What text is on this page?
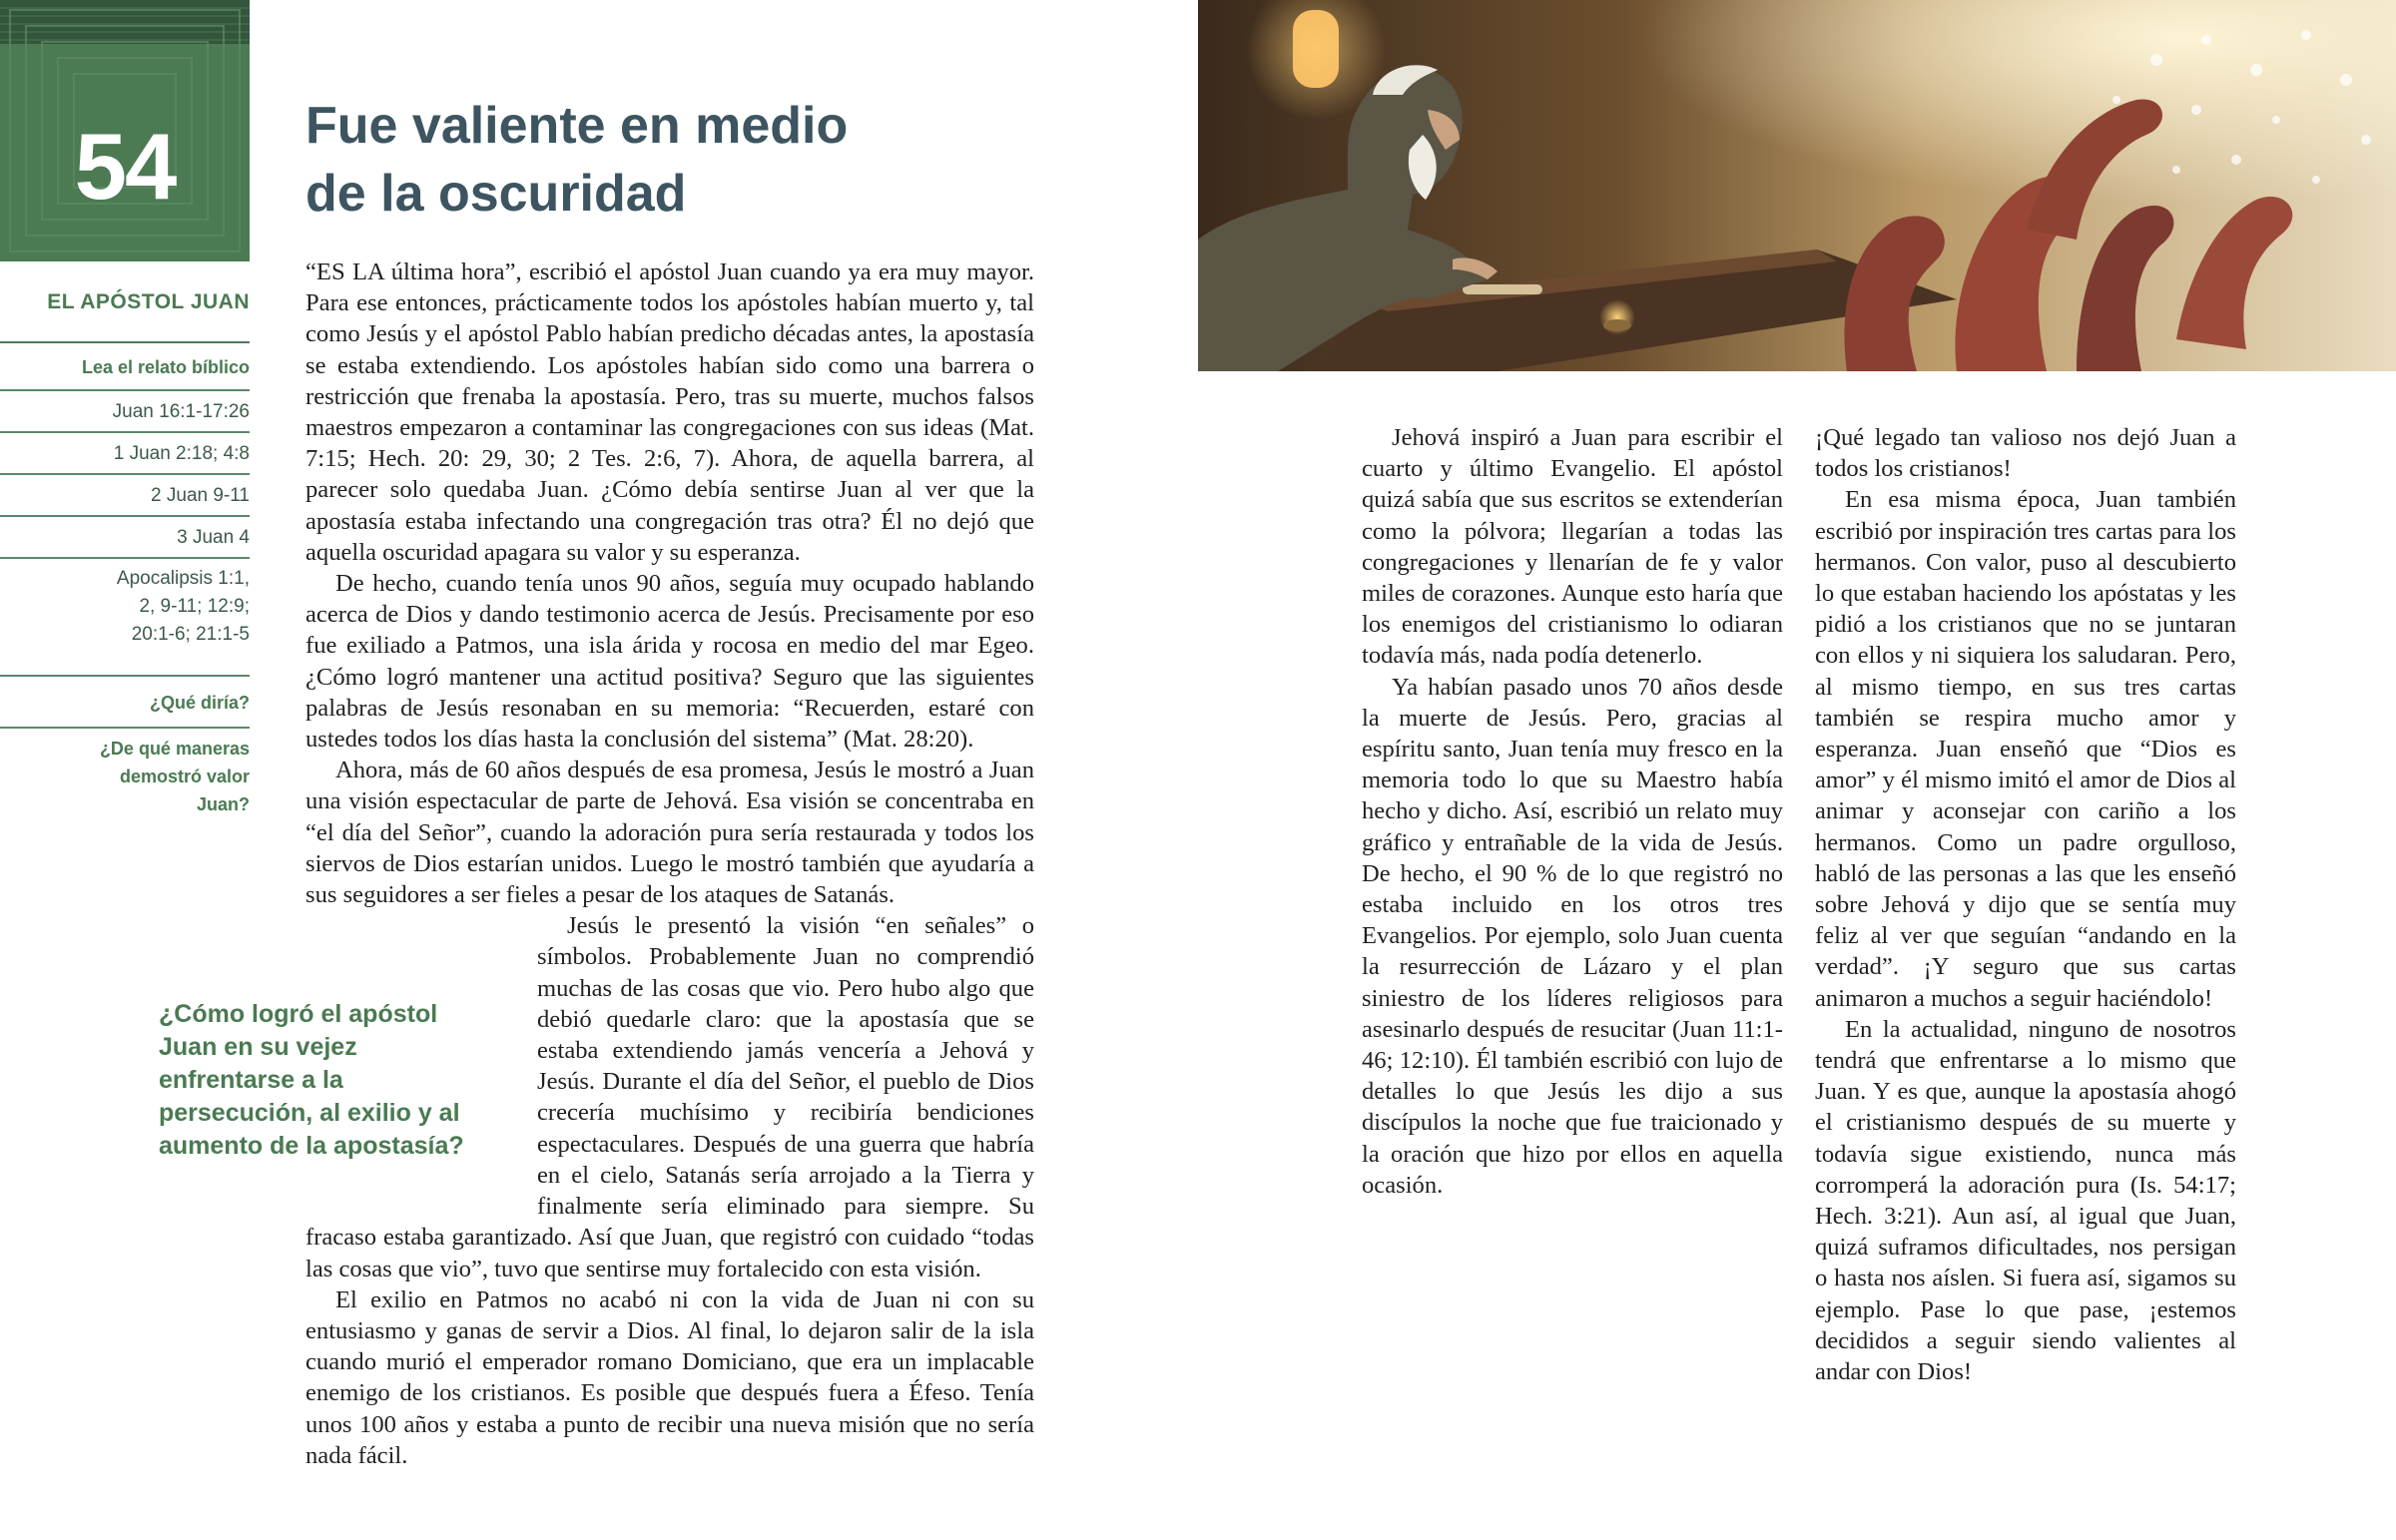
54
EL APÓSTOL JUAN
Lea el relato bíblico
Juan 16:1-17:26
1 Juan 2:18; 4:8
2 Juan 9-11
3 Juan 4
Apocalipsis 1:1,
2, 9-11; 12:9;
20:1-6; 21:1-5
¿Qué diría?
¿De qué maneras
demostró valor
Juan?
Fue valiente en medio
de la oscuridad

“ES LA última hora”, escribió el apóstol Juan cuando ya era muy mayor. Para ese entonces, prácticamente todos los apóstoles habían muerto y, tal como Jesús y el apóstol Pablo habían predicho décadas antes, la apostasía se estaba extendiendo. Los apóstoles habían sido como una barrera o restricción que frenaba la apostasía. Pero, tras su muerte, muchos falsos maestros empezaron a contaminar las congregaciones con sus ideas (Mat. 7:15; Hech. 20: 29, 30; 2 Tes. 2:6, 7). Ahora, de aquella barrera, al parecer solo quedaba Juan. ¿Cómo debía sentirse Juan al ver que la apostasía estaba infectando una congregación tras otra? Él no dejó que aquella oscuridad apagara su valor y su esperanza.

De hecho, cuando tenía unos 90 años, seguía muy ocupado hablando acerca de Dios y dando testimonio acerca de Jesús. Precisamente por eso fue exiliado a Patmos, una isla árida y rocosa en medio del mar Egeo. ¿Cómo logró mantener una actitud positiva? Seguro que las siguientes palabras de Jesús resonaban en su memoria: “Recuerden, estaré con ustedes todos los días hasta la conclusión del sistema” (Mat. 28:20).

Ahora, más de 60 años después de esa promesa, Jesús le mostró a Juan una visión espectacular de parte de Jehová. Esa visión se concentraba en “el día del Señor”, cuando la adoración pura sería restaurada y todos los siervos de Dios estarían unidos. Luego le mostró también que ayudaría a sus seguidores a ser fieles a pesar de los ataques de Satanás.

Jesús le presentó la visión “en señales” o símbolos. Probablemente Juan no comprendió muchas de las cosas que vio. Pero hubo algo que debió quedarle claro: que la apostasía que se estaba extendiendo jamás vencería a Jehová y Jesús. Durante el día del Señor, el pueblo de Dios crecería muchísimo y recibiría bendiciones espectaculares. Después de una guerra que habría en el cielo, Satanás sería arrojado a la Tierra y finalmente sería eliminado para siempre. Su fracaso estaba garantizado. Así que Juan, que registró con cuidado “todas las cosas que vio”, tuvo que sentirse muy fortalecido con esta visión.

El exilio en Patmos no acabó ni con la vida de Juan ni con su entusiasmo y ganas de servir a Dios. Al final, lo dejaron salir de la isla cuando murió el emperador romano Domiciano, que era un implacable enemigo de los cristianos. Es posible que después fuera a Éfeso. Tenía unos 100 años y estaba a punto de recibir una nueva misión que no sería nada fácil.

¿Cómo logró el apóstol Juan en su vejez enfrentarse a la persecución, al exilio y al aumento de la apostasía?

Jehová inspiró a Juan para escribir el cuarto y último Evangelio. El apóstol quizá sabía que sus escritos se extenderían como la pólvora; llegarían a todas las congregaciones y llenarían de fe y valor miles de corazones. Aunque esto haría que los enemigos del cristianismo lo odiaran todavía más, nada podía detenerlo.

Ya habían pasado unos 70 años desde la muerte de Jesús. Pero, gracias al espíritu santo, Juan tenía muy fresco en la memoria todo lo que su Maestro había hecho y dicho. Así, escribió un relato muy gráfico y entrañable de la vida de Jesús. De hecho, el 90 % de lo que registró no estaba incluido en los otros tres Evangelios. Por ejemplo, solo Juan cuenta la resurrección de Lázaro y el plan siniestro de los líderes religiosos para asesinarlo después de resucitar (Juan 11:1-46; 12:10). Él también escribió con lujo de detalles lo que Jesús les dijo a sus discípulos la noche que fue traicionado y la oración que hizo por ellos en aquella ocasión.

¡Qué legado tan valioso nos dejó Juan a todos los cristianos!

En esa misma época, Juan también escribió por inspiración tres cartas para los hermanos. Con valor, puso al descubierto lo que estaban haciendo los apóstatas y les pidió a los cristianos que no se juntaran con ellos y ni siquiera los saludaran. Pero, al mismo tiempo, en sus tres cartas también se respira mucho amor y esperanza. Juan enseñó que “Dios es amor” y él mismo imitó el amor de Dios al animar y aconsejar con cariño a los hermanos. Como un padre orgulloso, habló de las personas a las que les enseñó sobre Jehová y dijo que se sentía muy feliz al ver que seguían “andando en la verdad”. ¡Y seguro que sus cartas animaron a muchos a seguir haciéndolo!

En la actualidad, ninguno de nosotros tendrá que enfrentarse a lo mismo que Juan. Y es que, aunque la apostasía ahogó el cristianismo después de su muerte y todavía sigue existiendo, nunca más corromperá la adoración pura (Is. 54:17; Hech. 3:21). Aun así, al igual que Juan, quizá suframos dificultades, nos persigan o hasta nos aíslen. Si fuera así, sigamos su ejemplo. Pase lo que pase, ¡estemos decididos a seguir siendo valientes al andar con Dios!
